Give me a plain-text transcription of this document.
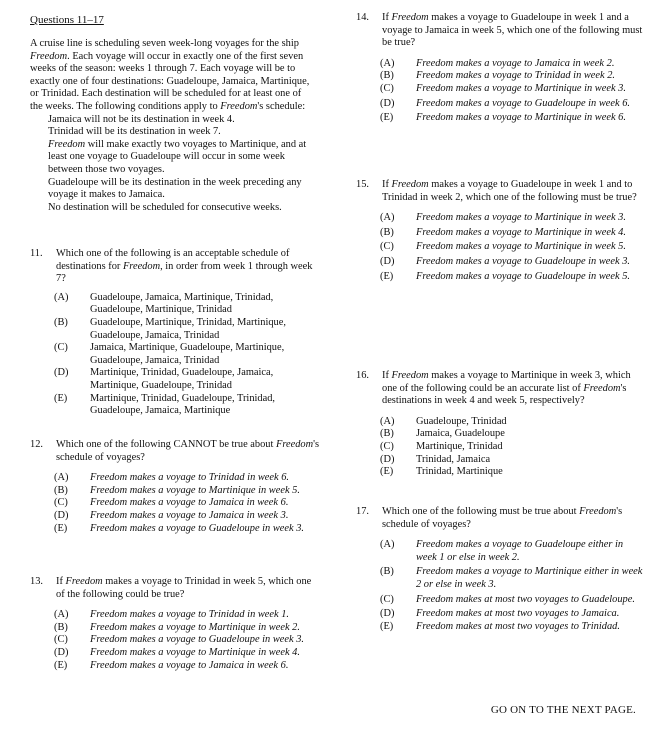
Questions 11–17
A cruise line is scheduling seven week-long voyages for the ship Freedom. Each voyage will occur in exactly one of the first seven weeks of the season: weeks 1 through 7. Each voyage will be to exactly one of four destinations: Guadeloupe, Jamaica, Martinique, or Trinidad. Each destination will be scheduled for at least one of the weeks. The following conditions apply to Freedom's schedule:
Jamaica will not be its destination in week 4.
Trinidad will be its destination in week 7.
Freedom will make exactly two voyages to Martinique, and at least one voyage to Guadeloupe will occur in some week between those two voyages.
Guadeloupe will be its destination in the week preceding any voyage it makes to Jamaica.
No destination will be scheduled for consecutive weeks.
11.	Which one of the following is an acceptable schedule of destinations for Freedom, in order from week 1 through week 7?
(A)	Guadeloupe, Jamaica, Martinique, Trinidad, Guadeloupe, Martinique, Trinidad
(B)	Guadeloupe, Martinique, Trinidad, Martinique, Guadeloupe, Jamaica, Trinidad
(C)	Jamaica, Martinique, Guadeloupe, Martinique, Guadeloupe, Jamaica, Trinidad
(D)	Martinique, Trinidad, Guadeloupe, Jamaica, Martinique, Guadeloupe, Trinidad
(E)	Martinique, Trinidad, Guadeloupe, Trinidad, Guadeloupe, Jamaica, Martinique
12.	Which one of the following CANNOT be true about Freedom's schedule of voyages?
(A)	Freedom makes a voyage to Trinidad in week 6.
(B)	Freedom makes a voyage to Martinique in week 5.
(C)	Freedom makes a voyage to Jamaica in week 6.
(D)	Freedom makes a voyage to Jamaica in week 3.
(E)	Freedom makes a voyage to Guadeloupe in week 3.
13.	If Freedom makes a voyage to Trinidad in week 5, which one of the following could be true?
(A)	Freedom makes a voyage to Trinidad in week 1.
(B)	Freedom makes a voyage to Martinique in week 2.
(C)	Freedom makes a voyage to Guadeloupe in week 3.
(D)	Freedom makes a voyage to Martinique in week 4.
(E)	Freedom makes a voyage to Jamaica in week 6.
14.	If Freedom makes a voyage to Guadeloupe in week 1 and a voyage to Jamaica in week 5, which one of the following must be true?
(A)	Freedom makes a voyage to Jamaica in week 2.
(B)	Freedom makes a voyage to Trinidad in week 2.
(C)	Freedom makes a voyage to Martinique in week 3.
(D)	Freedom makes a voyage to Guadeloupe in week 6.
(E)	Freedom makes a voyage to Martinique in week 6.
15.	If Freedom makes a voyage to Guadeloupe in week 1 and to Trinidad in week 2, which one of the following must be true?
(A)	Freedom makes a voyage to Martinique in week 3.
(B)	Freedom makes a voyage to Martinique in week 4.
(C)	Freedom makes a voyage to Martinique in week 5.
(D)	Freedom makes a voyage to Guadeloupe in week 3.
(E)	Freedom makes a voyage to Guadeloupe in week 5.
16.	If Freedom makes a voyage to Martinique in week 3, which one of the following could be an accurate list of Freedom's destinations in week 4 and week 5, respectively?
(A)	Guadeloupe, Trinidad
(B)	Jamaica, Guadeloupe
(C)	Martinique, Trinidad
(D)	Trinidad, Jamaica
(E)	Trinidad, Martinique
17.	Which one of the following must be true about Freedom's schedule of voyages?
(A)	Freedom makes a voyage to Guadeloupe either in week 1 or else in week 2.
(B)	Freedom makes a voyage to Martinique either in week 2 or else in week 3.
(C)	Freedom makes at most two voyages to Guadeloupe.
(D)	Freedom makes at most two voyages to Jamaica.
(E)	Freedom makes at most two voyages to Trinidad.
GO ON TO THE NEXT PAGE.
